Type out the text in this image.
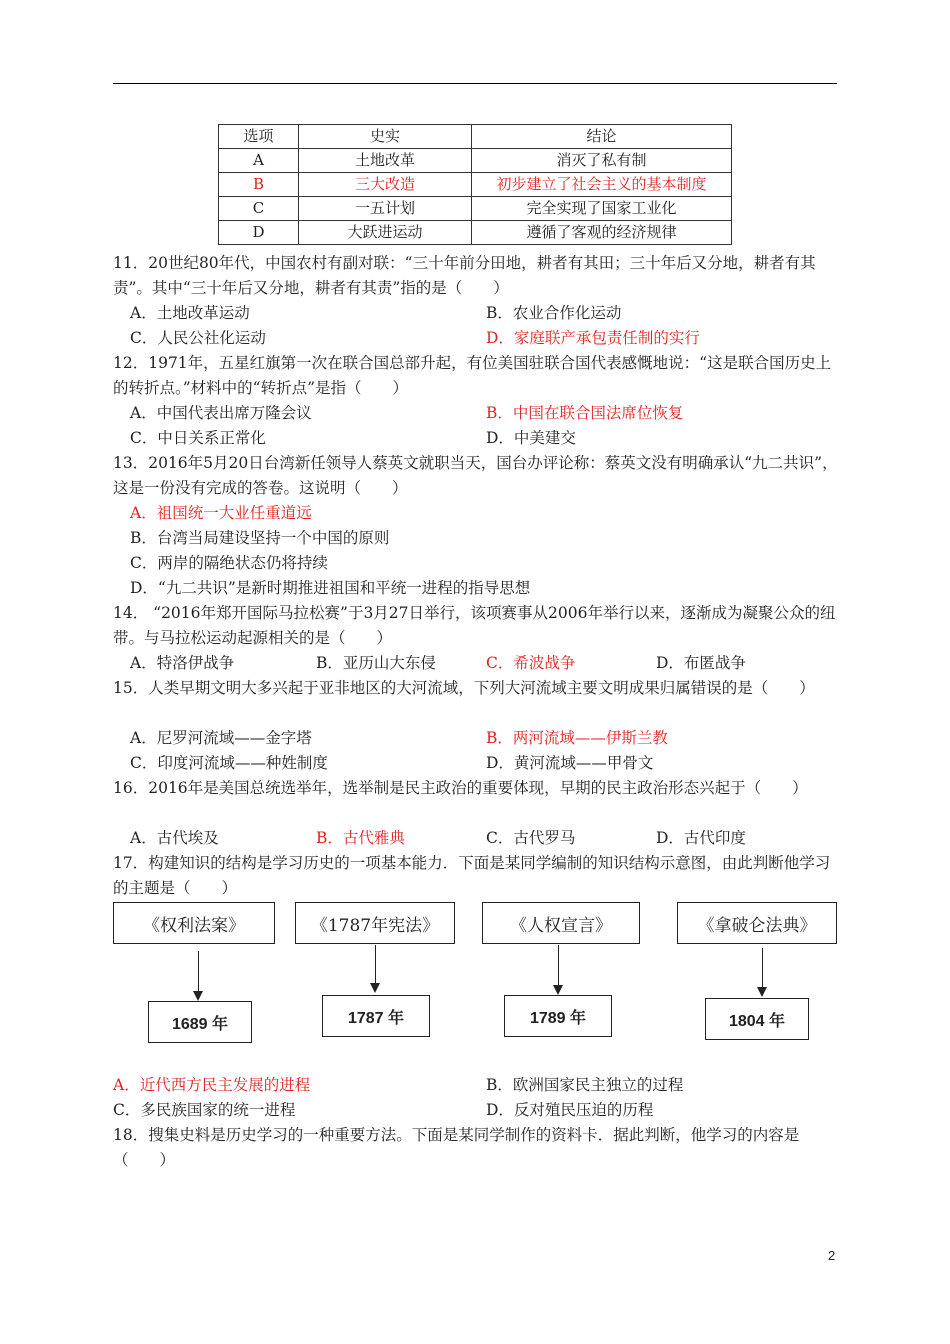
选项	史实	结论
A	土地改革	消灭了私有制
B	三大改造	初步建立了社会主义的基本制度
C	一五计划	完全实现了国家工业化
D	大跃进运动	遵循了客观的经济规律
11．20世纪80年代，中国农村有副对联：“三十年前分田地，耕者有其田；三十年后又分地，耕者有其责”。其中“三十年后又分地，耕者有其责”指的是（　　）
A．土地改革运动	B．农业合作化运动
C．人民公社化运动	D．家庭联产承包责任制的实行
12．1971年，五星红旗第一次在联合国总部升起，有位美国驻联合国代表感慨地说：“这是联合国历史上的转折点。”材料中的“转折点”是指（　　）
A．中国代表出席万隆会议	B．中国在联合国法席位恢复
C．中日关系正常化	D．中美建交
13．2016年5月20日台湾新任领导人蔡英文就职当天，国台办评论称：蔡英文没有明确承认“九二共识”，这是一份没有完成的答卷。这说明（　　）
A．祖国统一大业任重道远
B．台湾当局建设坚持一个中国的原则
C．两岸的隔绝状态仍将持续
D．“九二共识”是新时期推进祖国和平统一进程的指导思想
14． “2016年郑开国际马拉松赛”于3月27日举行，该项赛事从2006年举行以来，逐渐成为凝聚公众的纽带。与马拉松运动起源相关的是（　　）
A．特洛伊战争	B．亚历山大东侵	C．希波战争	D．布匿战争
15．人类早期文明大多兴起于亚非地区的大河流域，下列大河流域主要文明成果归属错误的是（　　）
A．尼罗河流域——金字塔	B．两河流域——伊斯兰教
C．印度河流域——种姓制度	D．黄河流域——甲骨文
16．2016年是美国总统选举年，选举制是民主政治的重要体现，早期的民主政治形态兴起于（　　）
A．古代埃及	B．古代雅典	C．古代罗马	D．古代印度
17．构建知识的结构是学习历史的一项基本能力．下面是某同学编制的知识结构示意图，由此判断他学习的主题是（　　）
《权利法案》	《1787年宪法》	《人权宣言》	《拿破仑法典》
1689 年	1787 年	1789 年	1804 年
A．近代西方民主发展的进程	B．欧洲国家民主独立的过程
C．多民族国家的统一进程	D．反对殖民压迫的历程
18．搜集史料是历史学习的一种重要方法。下面是某同学制作的资料卡．据此判断，他学习的内容是（　　）
2
